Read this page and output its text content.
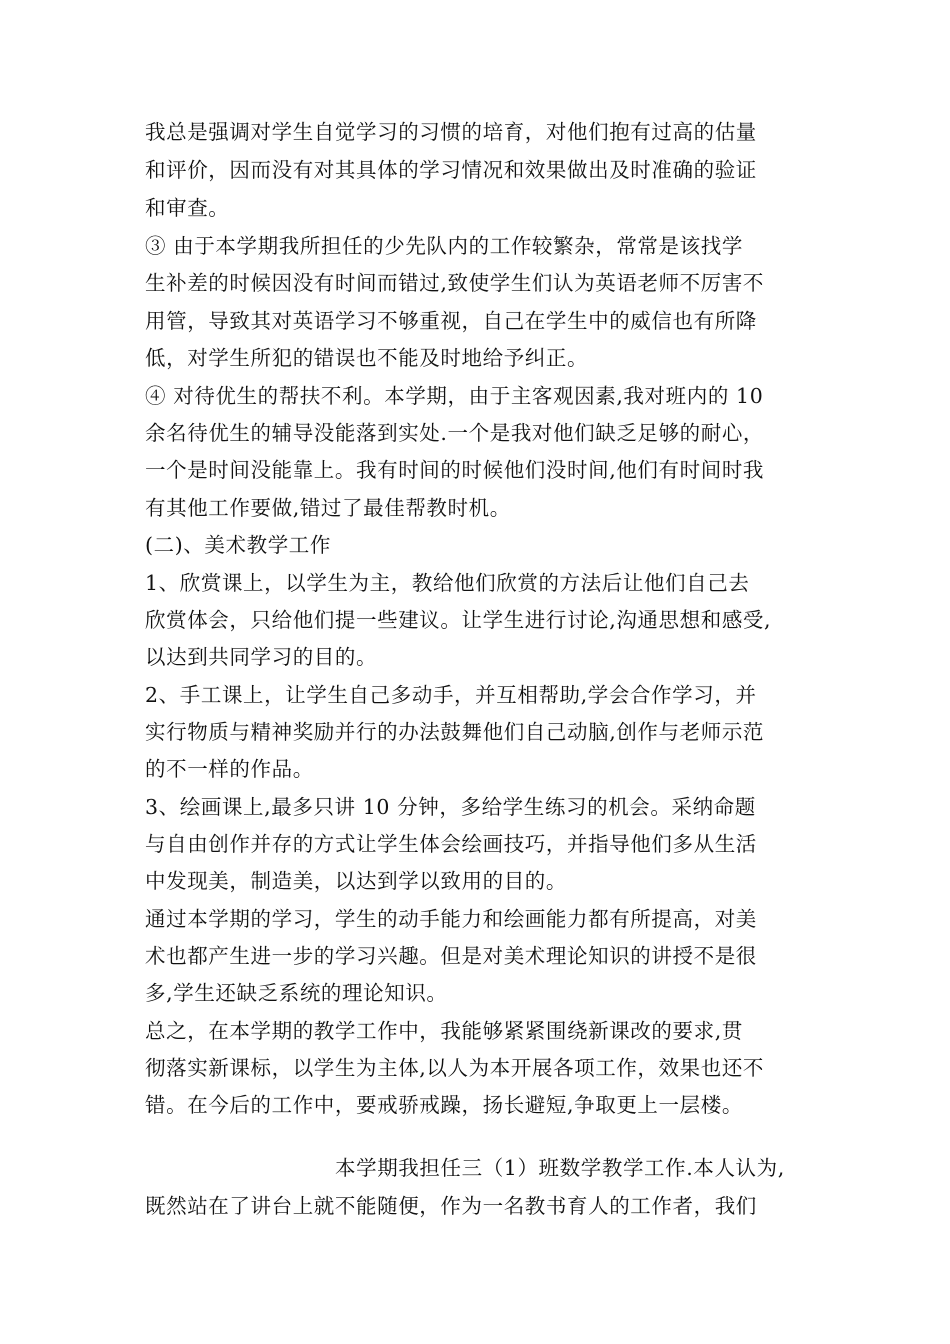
我总是强调对学生自觉学习的习惯的培育，对他们抱有过高的估量
和评价，因而没有对其具体的学习情况和效果做出及时准确的验证
和审查。
③ 由于本学期我所担任的少先队内的工作较繁杂，常常是该找学
生补差的时候因没有时间而错过,致使学生们认为英语老师不厉害不
用管，导致其对英语学习不够重视，自己在学生中的威信也有所降
低，对学生所犯的错误也不能及时地给予纠正。
④ 对待优生的帮扶不利。本学期，由于主客观因素,我对班内的 10
余名待优生的辅导没能落到实处.一个是我对他们缺乏足够的耐心，
一个是时间没能靠上。我有时间的时候他们没时间,他们有时间时我
有其他工作要做,错过了最佳帮教时机。
(二)、美术教学工作
1、欣赏课上，以学生为主，教给他们欣赏的方法后让他们自己去
欣赏体会，只给他们提一些建议。让学生进行讨论,沟通思想和感受,
以达到共同学习的目的。
2、手工课上，让学生自己多动手，并互相帮助,学会合作学习，并
实行物质与精神奖励并行的办法鼓舞他们自己动脑,创作与老师示范
的不一样的作品。
3、绘画课上,最多只讲 10 分钟，多给学生练习的机会。采纳命题
与自由创作并存的方式让学生体会绘画技巧，并指导他们多从生活
中发现美，制造美，以达到学以致用的目的。
通过本学期的学习，学生的动手能力和绘画能力都有所提高，对美
术也都产生进一步的学习兴趣。但是对美术理论知识的讲授不是很
多,学生还缺乏系统的理论知识。
总之，在本学期的教学工作中，我能够紧紧围绕新课改的要求,贯
彻落实新课标，以学生为主体,以人为本开展各项工作，效果也还不
错。在今后的工作中，要戒骄戒躁，扬长避短,争取更上一层楼。
本学期我担任三（1）班数学教学工作.本人认为,
既然站在了讲台上就不能随便，作为一名教书育人的工作者，我们
